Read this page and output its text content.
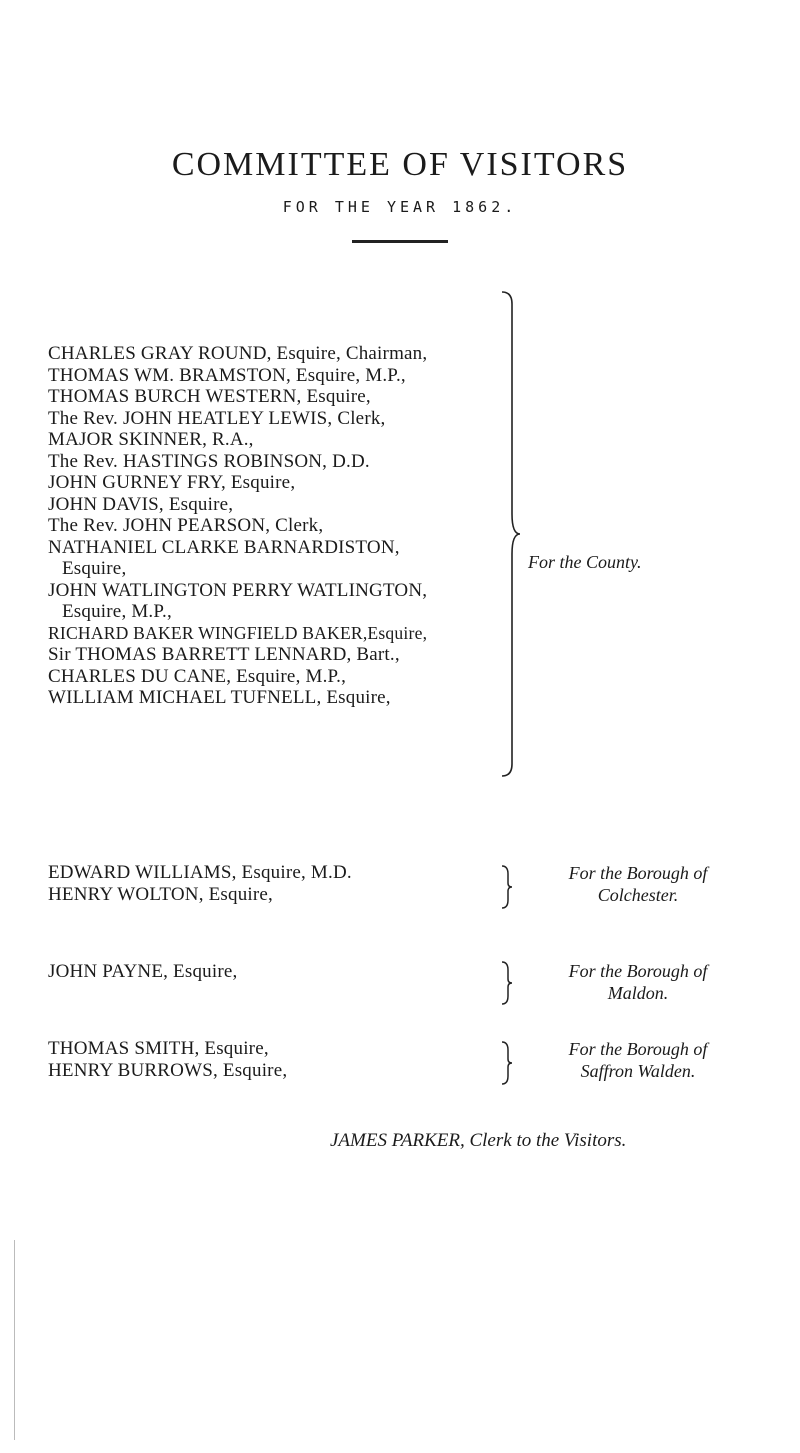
COMMITTEE OF VISITORS
FOR THE YEAR 1862.
CHARLES GRAY ROUND, Esquire, Chairman,
THOMAS WM. BRAMSTON, Esquire, M.P.,
THOMAS BURCH WESTERN, Esquire,
The Rev. JOHN HEATLEY LEWIS, Clerk,
MAJOR SKINNER, R.A.,
The Rev. HASTINGS ROBINSON, D.D.
JOHN GURNEY FRY, Esquire,
JOHN DAVIS, Esquire,
The Rev. JOHN PEARSON, Clerk,
NATHANIEL CLARKE BARNARDISTON,
Esquire,
JOHN WATLINGTON PERRY WATLINGTON,
Esquire, M.P.,
RICHARD BAKER WINGFIELD BAKER,Esquire,
Sir THOMAS BARRETT LENNARD, Bart.,
CHARLES DU CANE, Esquire, M.P.,
WILLIAM MICHAEL TUFNELL, Esquire,
For the County.
EDWARD WILLIAMS, Esquire, M.D.
HENRY WOLTON, Esquire,
For the Borough of
Colchester.
JOHN PAYNE, Esquire,	For the Borough of
Maldon.
THOMAS SMITH, Esquire,
HENRY BURROWS, Esquire,
For the Borough of
Saffron Walden.
JAMES PARKER, Clerk to the Visitors.
